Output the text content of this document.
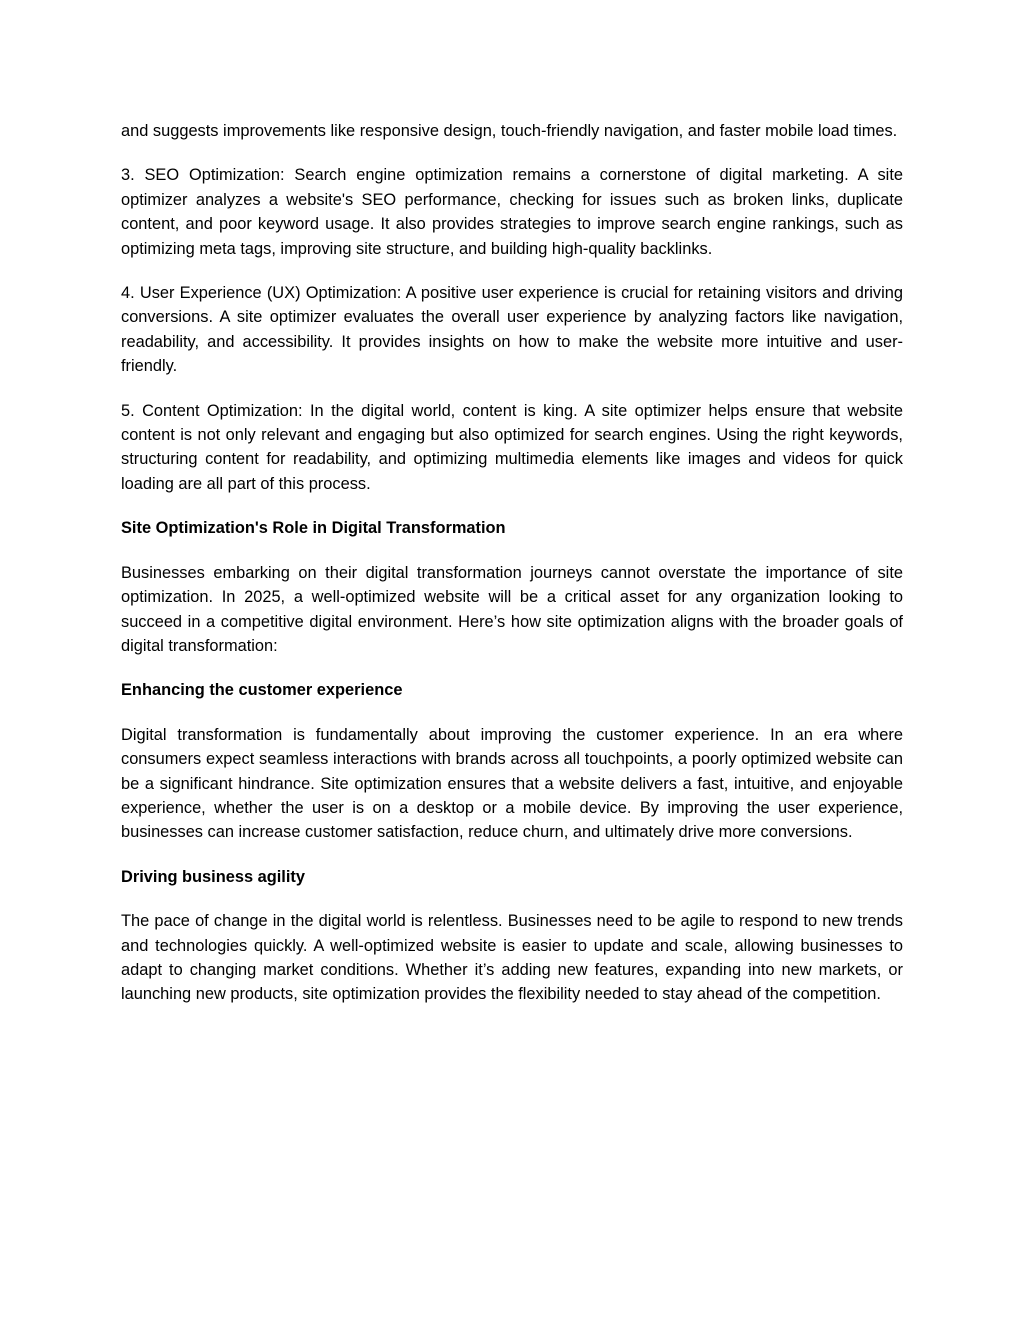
and suggests improvements like responsive design, touch-friendly navigation, and faster mobile load times.

3. SEO Optimization: Search engine optimization remains a cornerstone of digital marketing. A site optimizer analyzes a website's SEO performance, checking for issues such as broken links, duplicate content, and poor keyword usage. It also provides strategies to improve search engine rankings, such as optimizing meta tags, improving site structure, and building high-quality backlinks.

4. User Experience (UX) Optimization: A positive user experience is crucial for retaining visitors and driving conversions. A site optimizer evaluates the overall user experience by analyzing factors like navigation, readability, and accessibility. It provides insights on how to make the website more intuitive and user-friendly.

5. Content Optimization: In the digital world, content is king. A site optimizer helps ensure that website content is not only relevant and engaging but also optimized for search engines. Using the right keywords, structuring content for readability, and optimizing multimedia elements like images and videos for quick loading are all part of this process.

Site Optimization's Role in Digital Transformation

Businesses embarking on their digital transformation journeys cannot overstate the importance of site optimization. In 2025, a well-optimized website will be a critical asset for any organization looking to succeed in a competitive digital environment. Here’s how site optimization aligns with the broader goals of digital transformation:

Enhancing the customer experience

Digital transformation is fundamentally about improving the customer experience. In an era where consumers expect seamless interactions with brands across all touchpoints, a poorly optimized website can be a significant hindrance. Site optimization ensures that a website delivers a fast, intuitive, and enjoyable experience, whether the user is on a desktop or a mobile device. By improving the user experience, businesses can increase customer satisfaction, reduce churn, and ultimately drive more conversions.

Driving business agility

The pace of change in the digital world is relentless. Businesses need to be agile to respond to new trends and technologies quickly. A well-optimized website is easier to update and scale, allowing businesses to adapt to changing market conditions. Whether it’s adding new features, expanding into new markets, or launching new products, site optimization provides the flexibility needed to stay ahead of the competition.
